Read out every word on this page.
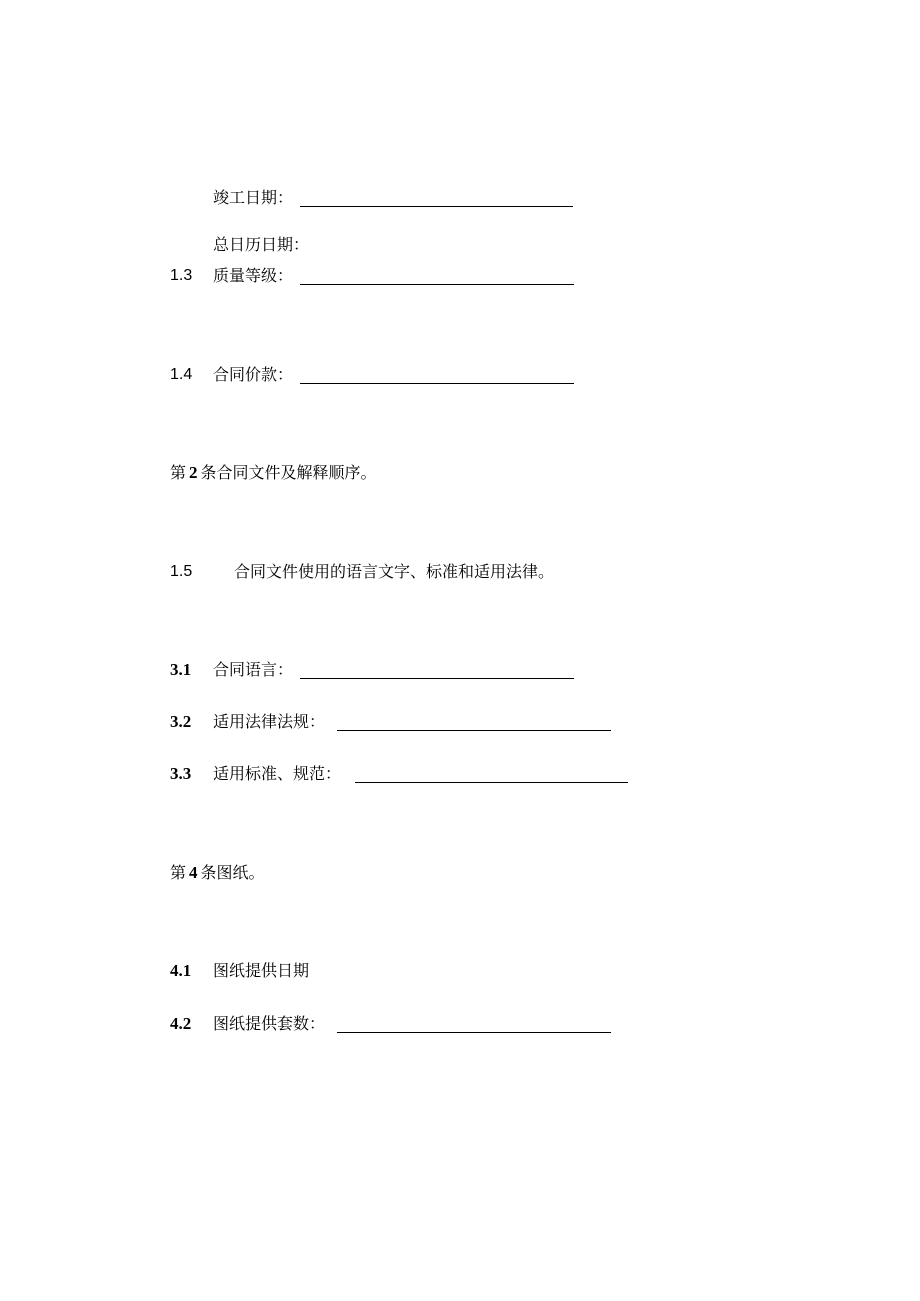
竣工日期：
总日历日期：
1.3 质量等级：
1.4 合同价款：
第 2 条合同文件及解释顺序。
1.5	合同文件使用的语言文字、标准和适用法律。
3.1 合同语言：
3.2 适用法律法规：
3.3 适用标准、规范：
第 4 条图纸。
4.1 图纸提供日期
4.2 图纸提供套数：
